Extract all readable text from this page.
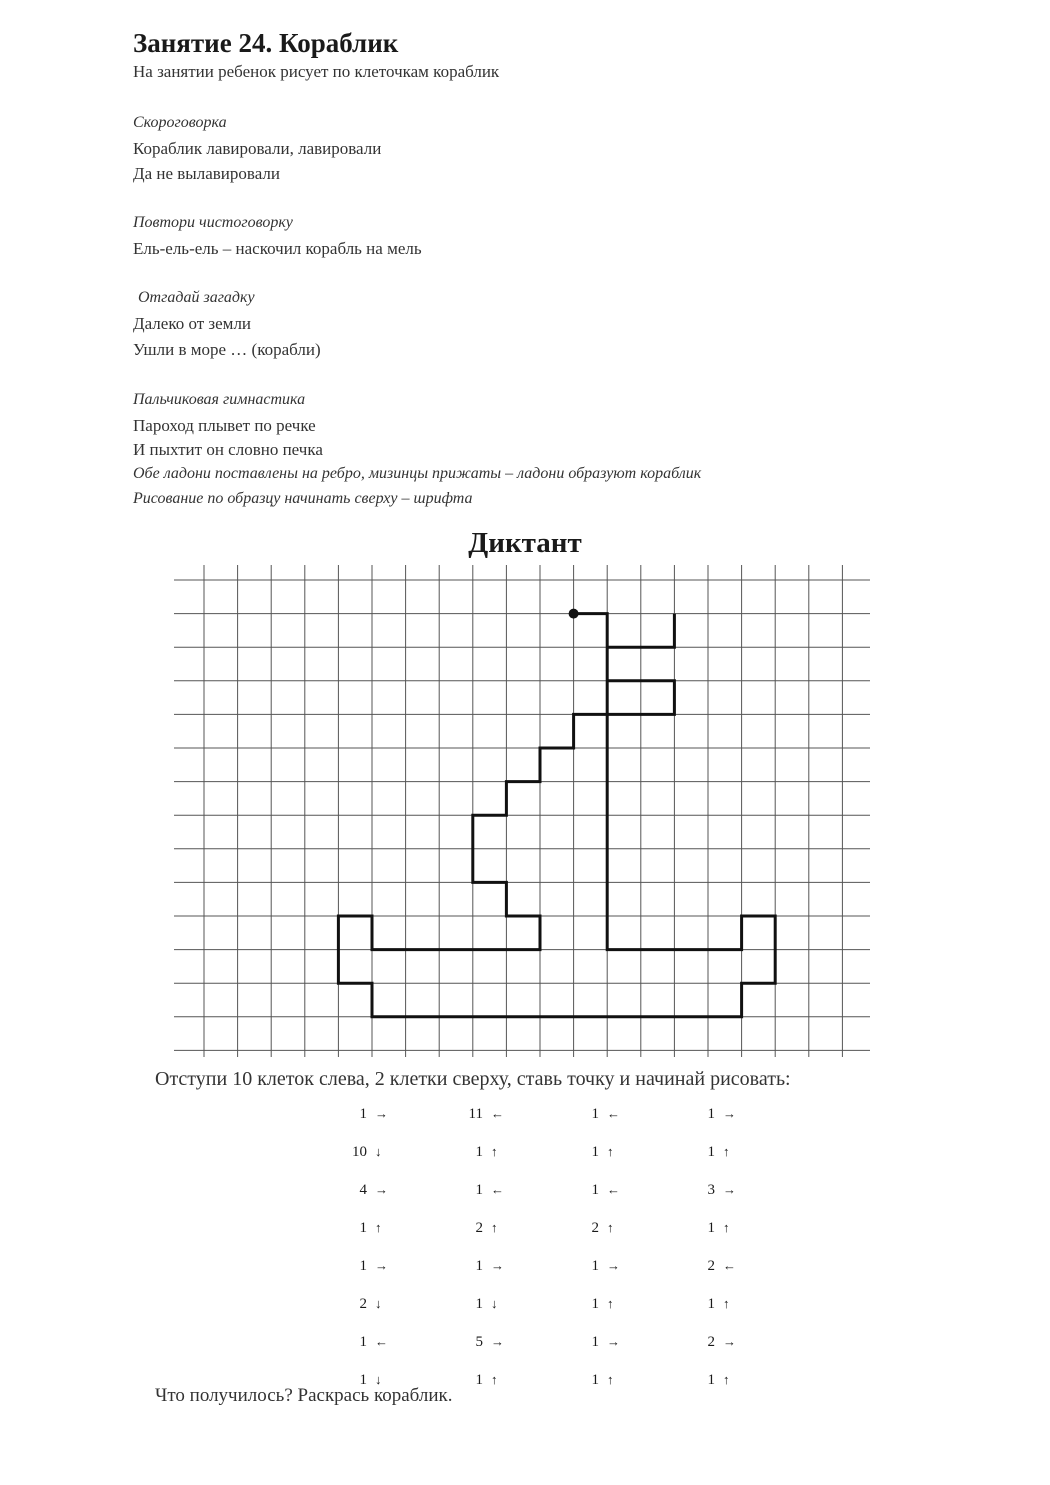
Занятие 24. Кораблик
На занятии ребенок рисует по клеточкам кораблик
Скороговорка
Кораблик лавировали, лавировали
Да не вылавировали
Повтори чистоговорку
Ель-ель-ель – наскочил корабль на мель
Отгадай загадку
Далеко от земли
Ушли в море … (корабли)
Пальчиковая гимнастика
Пароход плывет по речке
И пыхтит он словно печка
Обе ладони поставлены на ребро, мизинцы прижаты – ладони образуют кораблик
Рисование по образцу начинать сверху – шрифта
Диктант
Отступи 10 клеток слева, 2 клетки сверху, ставь точку и начинай рисовать:
1	→	11	←	1	←	1	→
10	↓	1	↑	1	↑	1	↑
4	→	1	←	1	←	3	→
1	↑	2	↑	2	↑	1	↑
1	→	1	→	1	→	2	←
2	↓	1	↓	1	↑	1	↑
1	←	5	→	1	→	2	→
1	↓	1	↑	1	↑	1	↑
Что получилось? Раскрась кораблик.
